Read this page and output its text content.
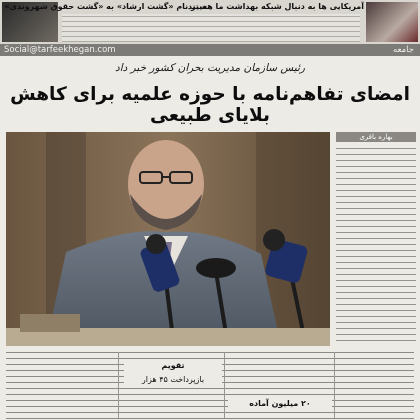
تغییر نام «گشت ارشاد» به «گشت حقوق شهروندی»
آمریکایی ها به دنبال شبکه بهداشت ما هستند
Social@tarfeekhegan.com	جامعه
رئیس سازمان مدیریت بحران کشور خبر داد
امضای تفاهم‌نامه با حوزه علمیه برای کاهش بلایای طبیعی
بهاره باقری
تقویم
بازپرداخت ۴۵ هزار
۲۰ میلیون آماده
